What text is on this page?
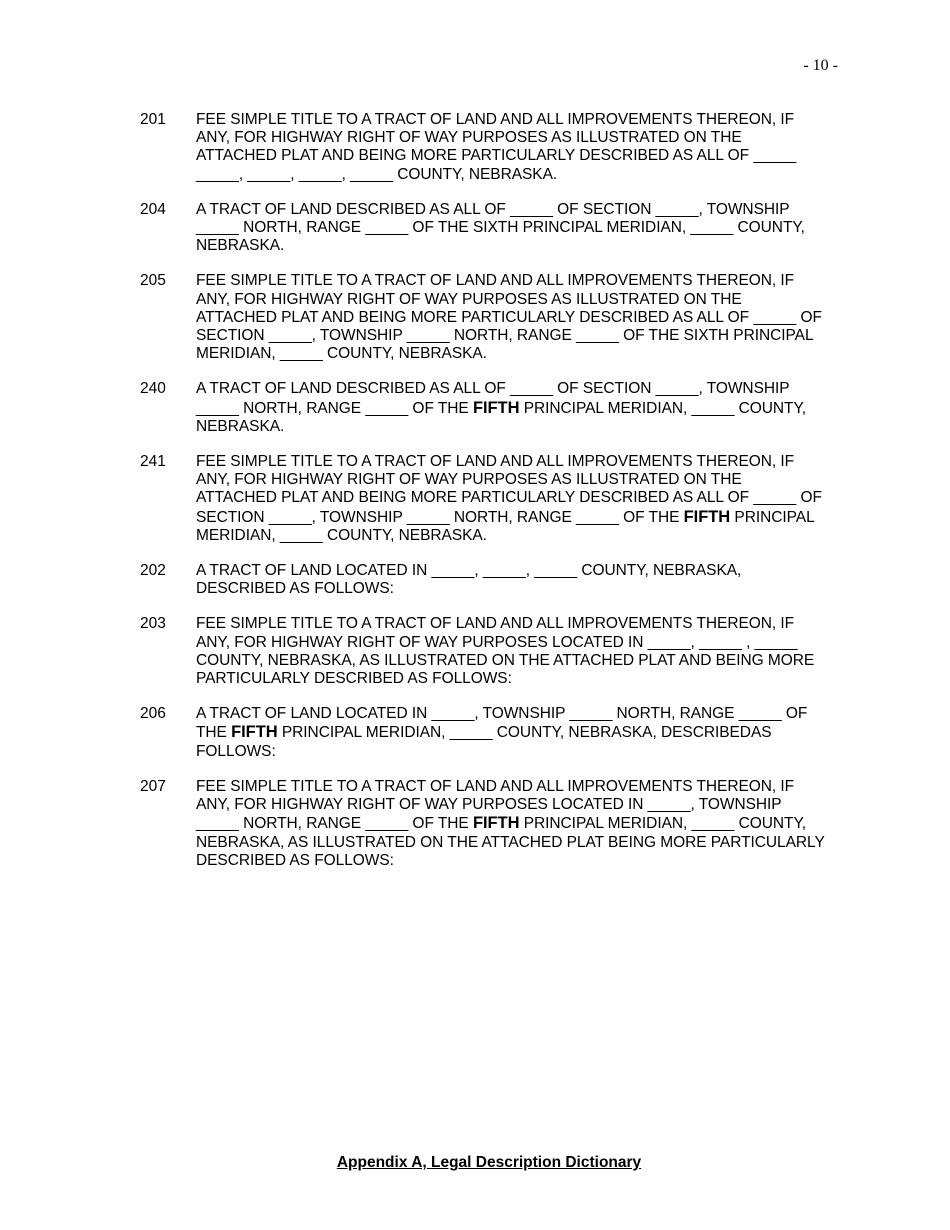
- 10 -
201	FEE SIMPLE TITLE TO A TRACT OF LAND AND ALL IMPROVEMENTS THEREON, IF
ANY, FOR HIGHWAY RIGHT OF WAY PURPOSES AS ILLUSTRATED ON THE
ATTACHED PLAT AND BEING MORE PARTICULARLY DESCRIBED AS ALL OF _____
_____, _____, _____, _____ COUNTY, NEBRASKA.
204	A TRACT OF LAND DESCRIBED AS ALL OF _____ OF SECTION _____, TOWNSHIP
_____ NORTH, RANGE _____ OF THE SIXTH PRINCIPAL MERIDIAN, _____ COUNTY,
NEBRASKA.
205	FEE SIMPLE TITLE TO A TRACT OF LAND AND ALL IMPROVEMENTS THEREON, IF
ANY, FOR HIGHWAY RIGHT OF WAY PURPOSES AS ILLUSTRATED ON THE
ATTACHED PLAT AND BEING MORE PARTICULARLY DESCRIBED AS ALL OF _____ OF
SECTION _____, TOWNSHIP _____ NORTH, RANGE _____ OF THE SIXTH PRINCIPAL
MERIDIAN, _____ COUNTY, NEBRASKA.
240	A TRACT OF LAND DESCRIBED AS ALL OF _____ OF SECTION _____, TOWNSHIP
_____ NORTH, RANGE _____ OF THE FIFTH PRINCIPAL MERIDIAN, _____ COUNTY,
NEBRASKA.
241	FEE SIMPLE TITLE TO A TRACT OF LAND AND ALL IMPROVEMENTS THEREON, IF
ANY, FOR HIGHWAY RIGHT OF WAY PURPOSES AS ILLUSTRATED ON THE
ATTACHED PLAT AND BEING MORE PARTICULARLY DESCRIBED AS ALL OF _____ OF
SECTION _____, TOWNSHIP _____ NORTH, RANGE _____ OF THE FIFTH PRINCIPAL
MERIDIAN, _____ COUNTY, NEBRASKA.
202	A TRACT OF LAND LOCATED IN _____, _____, _____ COUNTY, NEBRASKA,
DESCRIBED AS FOLLOWS:
203	FEE SIMPLE TITLE TO A TRACT OF LAND AND ALL IMPROVEMENTS THEREON, IF
ANY, FOR HIGHWAY RIGHT OF WAY PURPOSES LOCATED IN _____, _____ , _____
COUNTY, NEBRASKA, AS ILLUSTRATED ON THE ATTACHED PLAT AND BEING MORE
PARTICULARLY DESCRIBED AS FOLLOWS:
206	A TRACT OF LAND LOCATED IN _____, TOWNSHIP _____ NORTH, RANGE _____ OF
THE FIFTH PRINCIPAL MERIDIAN, _____ COUNTY, NEBRASKA, DESCRIBEDAS
FOLLOWS:
207	FEE SIMPLE TITLE TO A TRACT OF LAND AND ALL IMPROVEMENTS THEREON, IF
ANY, FOR HIGHWAY RIGHT OF WAY PURPOSES LOCATED IN _____, TOWNSHIP
_____ NORTH, RANGE _____ OF THE FIFTH PRINCIPAL MERIDIAN, _____ COUNTY,
NEBRASKA, AS ILLUSTRATED ON THE ATTACHED PLAT BEING MORE PARTICULARLY
DESCRIBED AS FOLLOWS:
Appendix A, Legal Description Dictionary
